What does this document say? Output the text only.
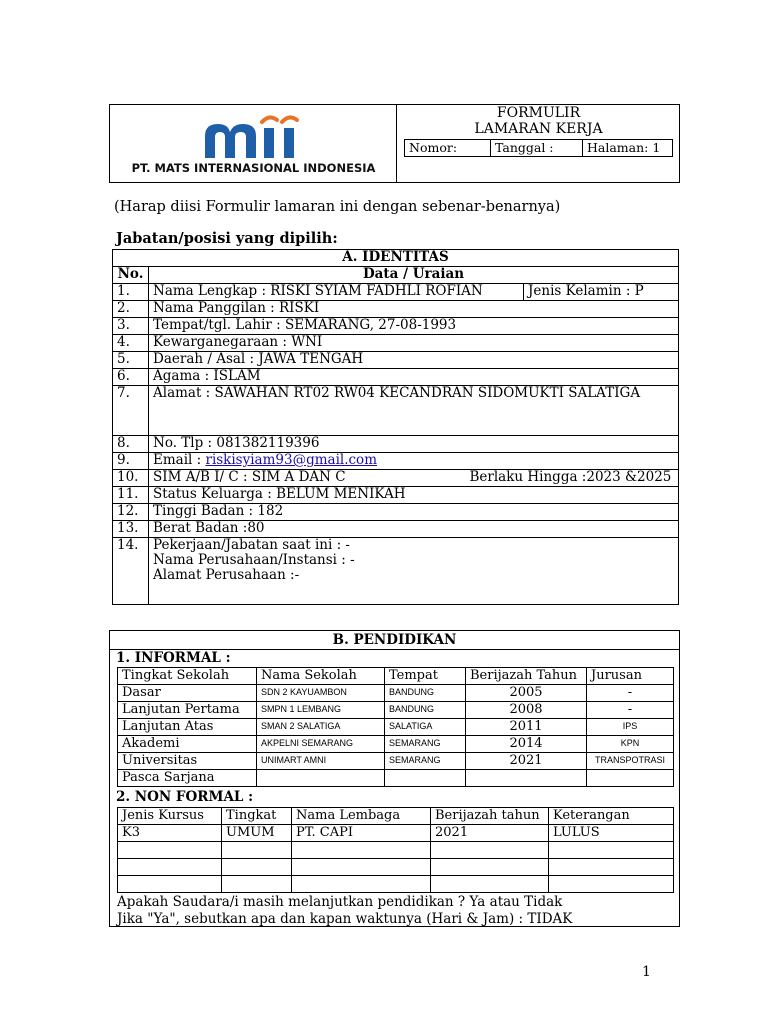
PT. MATS INTERNASIONAL INDONESIA
FORMULIR
LAMARAN KERJA
Nomor:	Tanggal :	Halaman: 1
(Harap diisi Formulir lamaran ini dengan sebenar-benarnya)
Jabatan/posisi yang dipilih:
A. IDENTITAS		
No.	Data / Uraian	
1.	Nama Lengkap : RISKI SYIAM FADHLI ROFIAN	Jenis Kelamin : P
2.	Nama Panggilan : RISKI	
3.	Tempat/tgl. Lahir : SEMARANG, 27-08-1993	
4.	Kewarganegaraan : WNI	
5.	Daerah / Asal : JAWA TENGAH	
6.	Agama : ISLAM	
7.	Alamat : SAWAHAN RT02 RW04 KECANDRAN SIDOMUKTI SALATIGA	
8.	No. Tlp : 081382119396	
9.	Email : riskisyiam93@gmail.com	
10.	SIM A/B I/ C : SIM A DAN C Berlaku Hingga :2023 &2025	

11.	Status Keluarga : BELUM MENIKAH	
12.	Tinggi Badan : 182	
13.	Berat Badan :80	
14.	Pekerjaan/Jabatan saat ini : -
Nama Perusahaan/Instansi : -
Alamat Perusahaan :-	
B. PENDIDIKAN
1. INFORMAL :
Tingkat Sekolah	Nama Sekolah	Tempat	Berijazah Tahun	Jurusan
Dasar	SDN 2 KAYUAMBON	BANDUNG	2005	-
Lanjutan Pertama	SMPN 1 LEMBANG	BANDUNG	2008	-
Lanjutan Atas	SMAN 2 SALATIGA	SALATIGA	2011	IPS
Akademi	AKPELNI SEMARANG	SEMARANG	2014	KPN
Universitas	UNIMART AMNI	SEMARANG	2021	TRANSPOTRASI
Pasca Sarjana				
2. NON FORMAL :
Jenis Kursus	Tingkat	Nama Lembaga	Berijazah tahun	Keterangan
K3	UMUM	PT. CAPI	2021	LULUS

Apakah Saudara/i masih melanjutkan pendidikan ? Ya atau Tidak
Jika "Ya", sebutkan apa dan kapan waktunya (Hari & Jam) : TIDAK
1
